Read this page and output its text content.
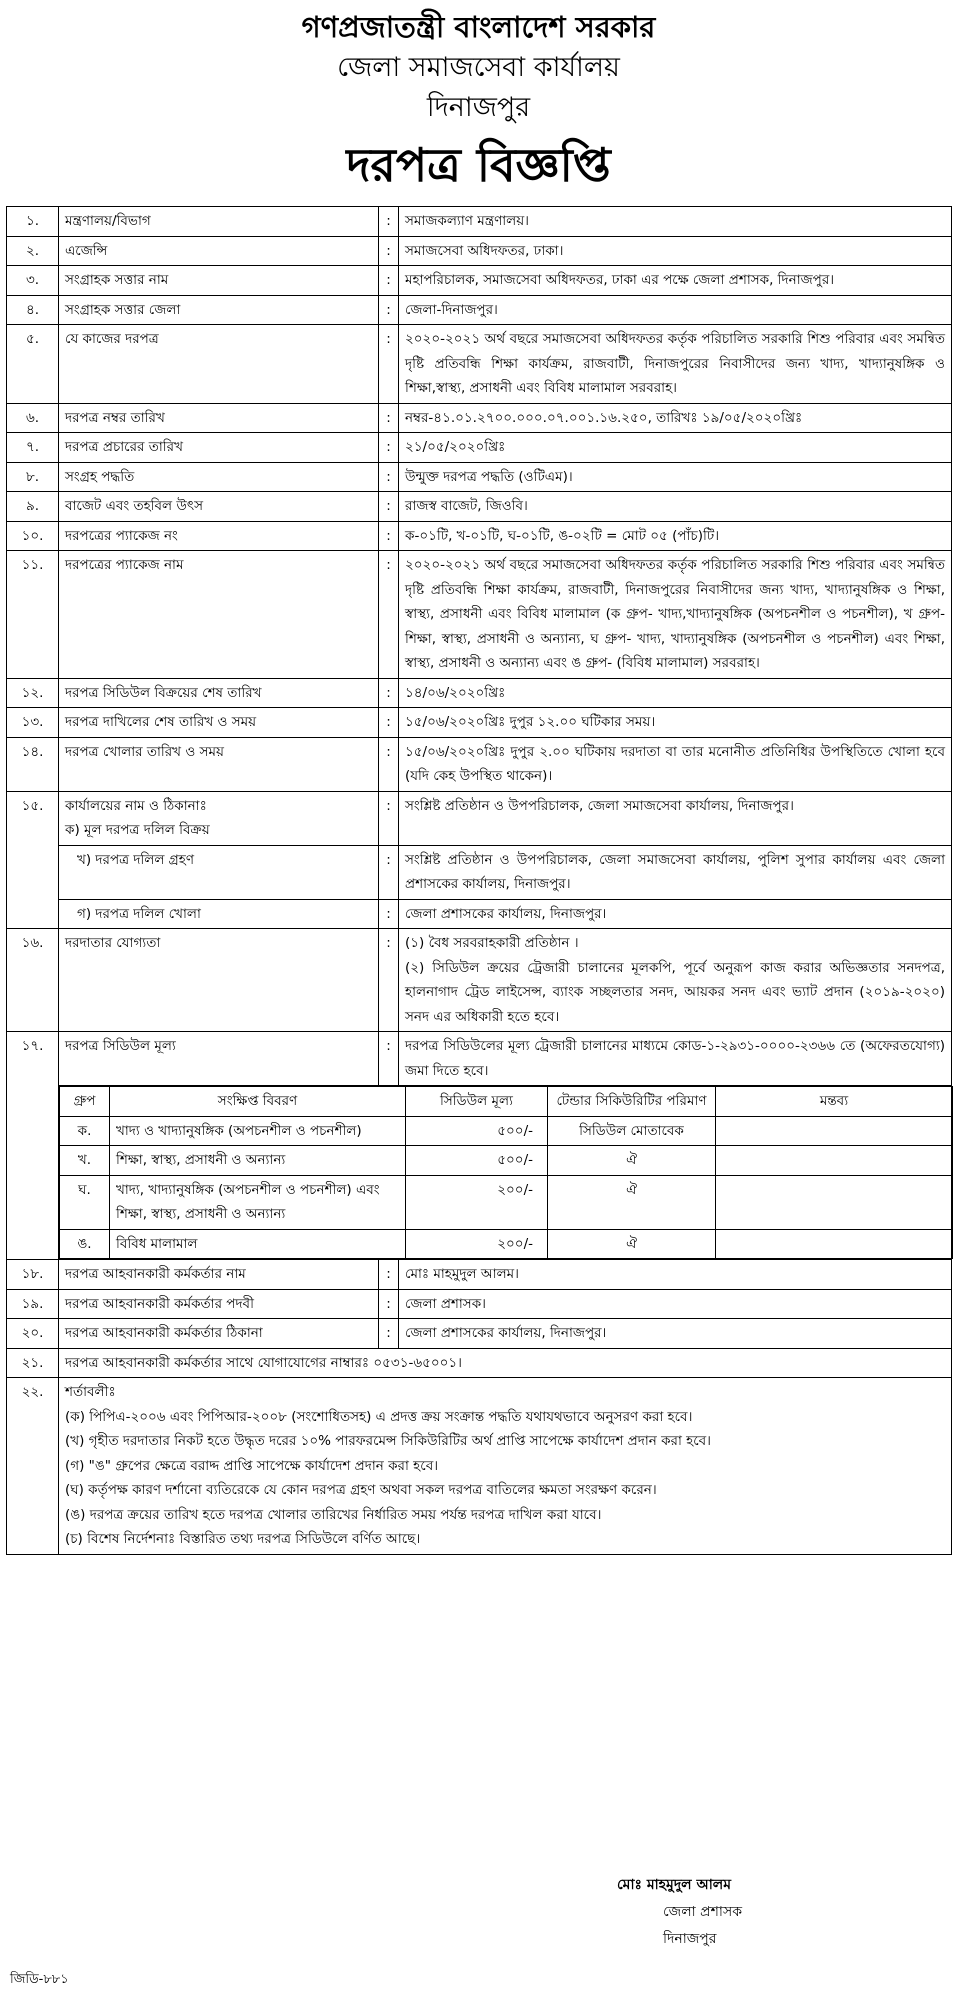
গণপ্রজাতন্ত্রী বাংলাদেশ সরকার
জেলা সমাজসেবা কার্যালয়
দিনাজপুর
দরপত্র বিজ্ঞপ্তি
১.	মন্ত্রণালয়/বিভাগ	:	সমাজকল্যাণ মন্ত্রণালয়।
২.	এজেন্সি	:	সমাজসেবা অধিদফতর, ঢাকা।
৩.	সংগ্রাহক সত্তার নাম	:	মহাপরিচালক, সমাজসেবা অধিদফতর, ঢাকা এর পক্ষে জেলা প্রশাসক, দিনাজপুর।
৪.	সংগ্রাহক সত্তার জেলা	:	জেলা-দিনাজপুর।
৫.	যে কাজের দরপত্র	:	২০২০-২০২১ অর্থ বছরে সমাজসেবা অধিদফতর কর্তৃক পরিচালিত সরকারি শিশু পরিবার এবং সমন্বিত দৃষ্টি প্রতিবন্ধি শিক্ষা কার্যক্রম, রাজবাটী, দিনাজপুরের নিবাসীদের জন্য খাদ্য, খাদ্যানুষঙ্গিক ও শিক্ষা,স্বাস্থ্য, প্রসাধনী এবং বিবিধ মালামাল সরবরাহ।
৬.	দরপত্র নম্বর তারিখ	:	নম্বর-৪১.০১.২৭০০.০০০.০৭.০০১.১৬.২৫০, তারিখঃ ১৯/০৫/২০২০খ্রিঃ
৭.	দরপত্র প্রচারের তারিখ	:	২১/০৫/২০২০খ্রিঃ
৮.	সংগ্রহ পদ্ধতি	:	উন্মুক্ত দরপত্র পদ্ধতি (ওটিএম)।
৯.	বাজেট এবং তহবিল উৎস	:	রাজস্ব বাজেট, জিওবি।
১০.	দরপত্রের প্যাকেজ নং	:	ক-০১টি, খ-০১টি, ঘ-০১টি, ঙ-০২টি = মোট ০৫ (পাঁচ)টি।
১১.	দরপত্রের প্যাকেজ নাম	:	২০২০-২০২১ অর্থ বছরে সমাজসেবা অধিদফতর কর্তৃক পরিচালিত সরকারি শিশু পরিবার এবং সমন্বিত দৃষ্টি প্রতিবন্ধি শিক্ষা কার্যক্রম, রাজবাটী, দিনাজপুরের নিবাসীদের জন্য খাদ্য, খাদ্যানুষঙ্গিক ও শিক্ষা, স্বাস্থ্য, প্রসাধনী এবং বিবিধ মালামাল (ক গ্রুপ- খাদ্য,খাদ্যানুষঙ্গিক (অপচনশীল ও পচনশীল), খ গ্রুপ- শিক্ষা, স্বাস্থ্য, প্রসাধনী ও অন্যান্য, ঘ গ্রুপ- খাদ্য, খাদ্যানুষঙ্গিক (অপচনশীল ও পচনশীল) এবং শিক্ষা, স্বাস্থ্য, প্রসাধনী ও অন্যান্য এবং ঙ গ্রুপ- (বিবিধ মালামাল) সরবরাহ।
১২.	দরপত্র সিডিউল বিক্রয়ের শেষ তারিখ	:	১৪/০৬/২০২০খ্রিঃ
১৩.	দরপত্র দাখিলের শেষ তারিখ ও সময়	:	১৫/০৬/২০২০খ্রিঃ দুপুর ১২.০০ ঘটিকার সময়।
১৪.	দরপত্র খোলার তারিখ ও সময়	:	১৫/০৬/২০২০খ্রিঃ দুপুর ২.০০ ঘটিকায় দরদাতা বা তার মনোনীত প্রতিনিধির উপস্থিতিতে খোলা হবে (যদি কেহ উপস্থিত থাকেন)।
১৫.	কার্যালয়ের নাম ও ঠিকানাঃ
ক) মূল দরপত্র দলিল বিক্রয়
	:	সংশ্লিষ্ট প্রতিষ্ঠান ও উপপরিচালক, জেলা সমাজসেবা কার্যালয়, দিনাজপুর।
খ) দরপত্র দলিল গ্রহণ	:	সংশ্লিষ্ট প্রতিষ্ঠান ও উপপরিচালক, জেলা সমাজসেবা কার্যালয়, পুলিশ সুপার কার্যালয় এবং জেলা প্রশাসকের কার্যালয়, দিনাজপুর।
গ) দরপত্র দলিল খোলা	:	জেলা প্রশাসকের কার্যালয়, দিনাজপুর।
১৬.	দরদাতার যোগ্যতা	:	(১) বৈধ সরবরাহকারী প্রতিষ্ঠান ।
(২) সিডিউল ক্রয়ের ট্রেজারী চালানের মূলকপি, পূর্বে অনুরূপ কাজ করার অভিজ্ঞতার সনদপত্র, হালনাগাদ ট্রেড লাইসেন্স, ব্যাংক সচ্ছলতার সনদ, আয়কর সনদ এবং ভ্যাট প্রদান (২০১৯-২০২০) সনদ এর অধিকারী হতে হবে।

১৭.	দরপত্র সিডিউল মূল্য	:	দরপত্র সিডিউলের মূল্য ট্রেজারী চালানের মাধ্যমে কোড-১-২৯৩১-০০০০-২৩৬৬ তে (অফেরতযোগ্য) জমা দিতে হবে।

গ্রুপ	সংক্ষিপ্ত বিবরণ	সিডিউল মূল্য	টেন্ডার সিকিউরিটির পরিমাণ	মন্তব্য
ক.	খাদ্য ও খাদ্যানুষঙ্গিক (অপচনশীল ও পচনশীল)	৫০০/-	সিডিউল মোতাবেক	
খ.	শিক্ষা, স্বাস্থ্য, প্রসাধনী ও অন্যান্য	৫০০/-	ঐ	
ঘ.	খাদ্য, খাদ্যানুষঙ্গিক (অপচনশীল ও পচনশীল) এবং শিক্ষা, স্বাস্থ্য, প্রসাধনী ও অন্যান্য	২০০/-	ঐ	
ঙ.	বিবিধ মালামাল	২০০/-	ঐ	

১৮.	দরপত্র আহবানকারী কর্মকর্তার নাম	:	মোঃ মাহমুদুল আলম।
১৯.	দরপত্র আহবানকারী কর্মকর্তার পদবী	:	জেলা প্রশাসক।
২০.	দরপত্র আহবানকারী কর্মকর্তার ঠিকানা	:	জেলা প্রশাসকের কার্যালয়, দিনাজপুর।
২১.	দরপত্র আহবানকারী কর্মকর্তার সাথে যোগাযোগের নাম্বারঃ ০৫৩১-৬৫০০১।
২২.	শর্তাবলীঃ
(ক) পিপিএ-২০০৬ এবং পিপিআর-২০০৮ (সংশোধিতসহ) এ প্রদত্ত ক্রয় সংক্রান্ত পদ্ধতি যথাযথভাবে অনুসরণ করা হবে।
(খ) গৃহীত দরদাতার নিকট হতে উদ্ধৃত দরের ১০% পারফরমেন্স সিকিউরিটির অর্থ প্রাপ্তি সাপেক্ষে কার্যাদেশ প্রদান করা হবে।
(গ) "ঙ" গ্রুপের ক্ষেত্রে বরাদ্দ প্রাপ্তি সাপেক্ষে কার্যাদেশ প্রদান করা হবে।
(ঘ) কর্তৃপক্ষ কারণ দর্শানো ব্যতিরেকে যে কোন দরপত্র গ্রহণ অথবা সকল দরপত্র বাতিলের ক্ষমতা সংরক্ষণ করেন।
(ঙ) দরপত্র ক্রয়ের তারিখ হতে দরপত্র খোলার তারিখের নির্ধারিত সময় পর্যন্ত দরপত্র দাখিল করা যাবে।
(চ) বিশেষ নির্দেশনাঃ বিস্তারিত তথ্য দরপত্র সিডিউলে বর্ণিত আছে।
মোঃ মাহমুদুল আলম
জেলা প্রশাসক
দিনাজপুর
জিডি-৮৮১
